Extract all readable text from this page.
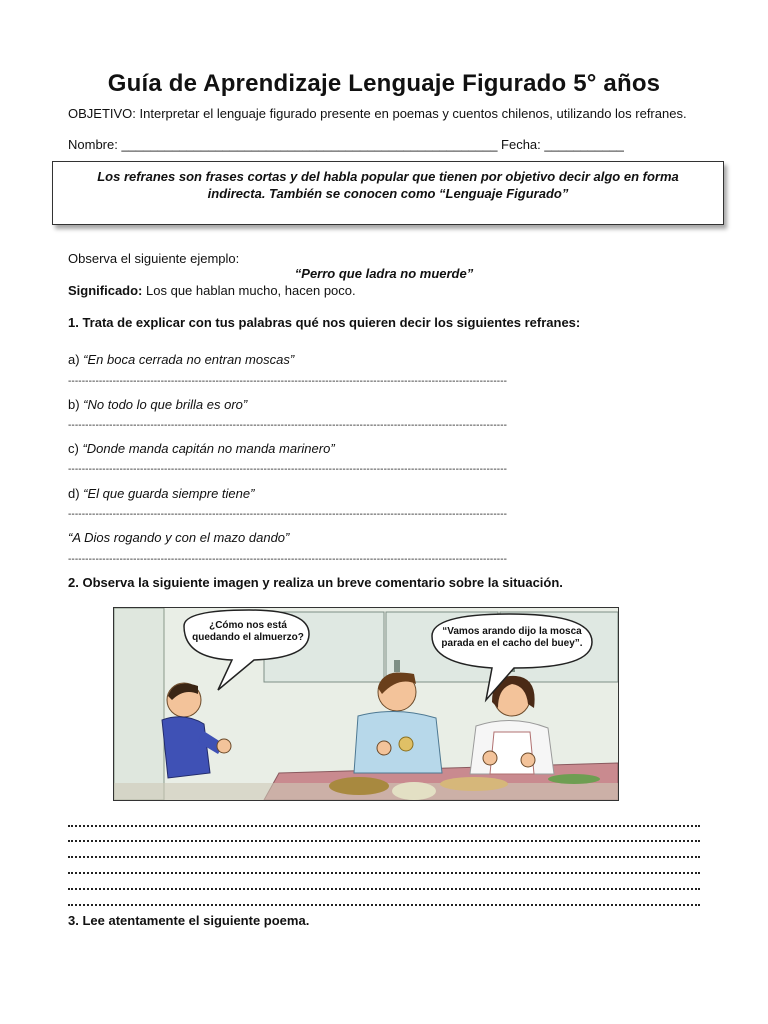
Guía de Aprendizaje Lenguaje Figurado 5° años
OBJETIVO: Interpretar el lenguaje figurado presente en poemas y cuentos chilenos, utilizando los refranes.
Nombre: ____________________________________________________ Fecha: ___________

Los refranes son frases cortas y del habla popular que tienen por objetivo decir algo en forma indirecta. También se conocen como “Lenguaje Figurado”

Observa el siguiente ejemplo:
“Perro que ladra no muerde”
Significado: Los que hablan mucho, hacen poco.
1. Trata de explicar con tus palabras qué nos quieren decir los siguientes refranes:
a) “En boca cerrada no entran moscas”
--------------------------------------------------------------------------------------------------------------------------------
b) “No todo lo que brilla es oro”
--------------------------------------------------------------------------------------------------------------------------------
c) “Donde manda capitán no manda marinero”
--------------------------------------------------------------------------------------------------------------------------------
d) “El que guarda siempre tiene”
--------------------------------------------------------------------------------------------------------------------------------
“A Dios rogando y con el mazo dando”
--------------------------------------------------------------------------------------------------------------------------------
2. Observa la siguiente imagen y realiza un breve comentario sobre la situación.
¿Cómo nos está quedando el almuerzo?
“Vamos arando dijo la mosca parada en el cacho del buey”.
3. Lee atentamente el siguiente poema.
